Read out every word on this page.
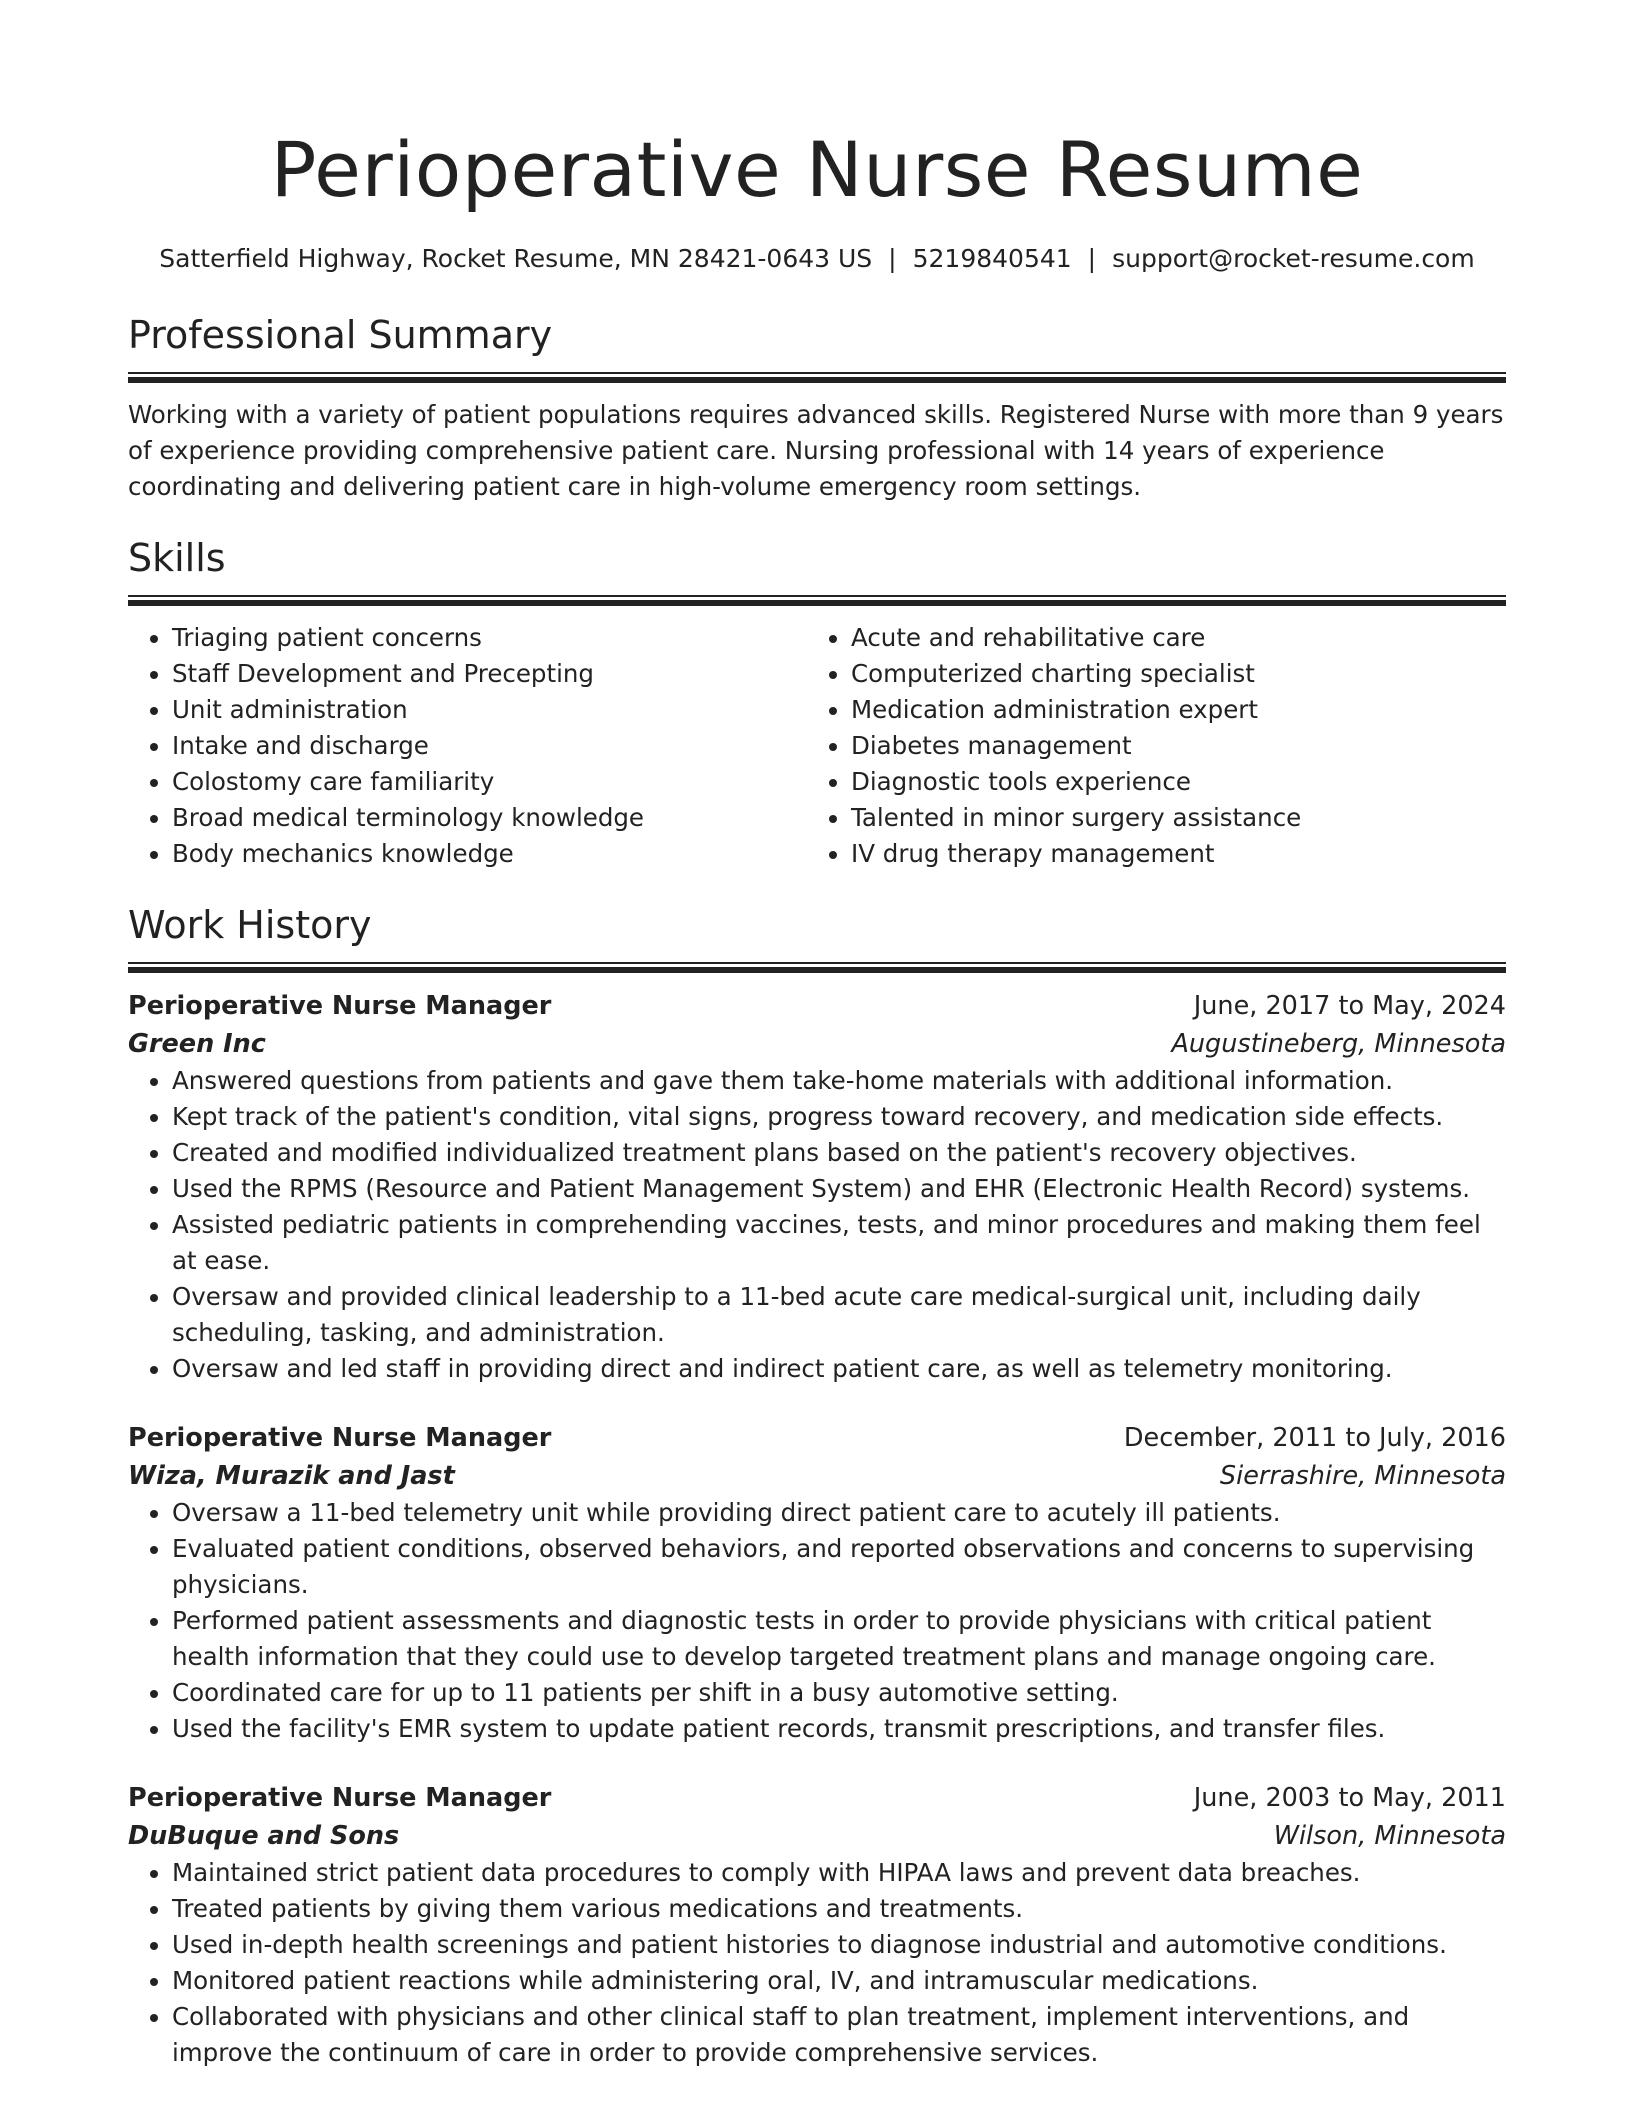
Perioperative Nurse Resume
Satterfield Highway, Rocket Resume, MN 28421-0643 US | 5219840541 | support@rocket-resume.com
Professional Summary

Working with a variety of patient populations requires advanced skills. Registered Nurse with more than 9 years of experience providing comprehensive patient care. Nursing professional with 14 years of experience coordinating and delivering patient care in high-volume emergency room settings.

Skills
• Triaging patient concerns
• Staff Development and Precepting
• Unit administration
• Intake and discharge
• Colostomy care familiarity
• Broad medical terminology knowledge
• Body mechanics knowledge
• Acute and rehabilitative care
• Computerized charting specialist
• Medication administration expert
• Diabetes management
• Diagnostic tools experience
• Talented in minor surgery assistance
• IV drug therapy management
Work History
Perioperative Nurse Manager	June, 2017 to May, 2024
Green Inc	Augustineberg, Minnesota
• Answered questions from patients and gave them take-home materials with additional information.
• Kept track of the patient's condition, vital signs, progress toward recovery, and medication side effects.
• Created and modified individualized treatment plans based on the patient's recovery objectives.
• Used the RPMS (Resource and Patient Management System) and EHR (Electronic Health Record) systems.
• Assisted pediatric patients in comprehending vaccines, tests, and minor procedures and making them feel at ease.
• Oversaw and provided clinical leadership to a 11-bed acute care medical-surgical unit, including daily scheduling, tasking, and administration.
• Oversaw and led staff in providing direct and indirect patient care, as well as telemetry monitoring.
Perioperative Nurse Manager	December, 2011 to July, 2016
Wiza, Murazik and Jast	Sierrashire, Minnesota
• Oversaw a 11-bed telemetry unit while providing direct patient care to acutely ill patients.
• Evaluated patient conditions, observed behaviors, and reported observations and concerns to supervising physicians.
• Performed patient assessments and diagnostic tests in order to provide physicians with critical patient health information that they could use to develop targeted treatment plans and manage ongoing care.
• Coordinated care for up to 11 patients per shift in a busy automotive setting.
• Used the facility's EMR system to update patient records, transmit prescriptions, and transfer files.
Perioperative Nurse Manager	June, 2003 to May, 2011
DuBuque and Sons	Wilson, Minnesota
• Maintained strict patient data procedures to comply with HIPAA laws and prevent data breaches.
• Treated patients by giving them various medications and treatments.
• Used in-depth health screenings and patient histories to diagnose industrial and automotive conditions.
• Monitored patient reactions while administering oral, IV, and intramuscular medications.
• Collaborated with physicians and other clinical staff to plan treatment, implement interventions, and improve the continuum of care in order to provide comprehensive services.
